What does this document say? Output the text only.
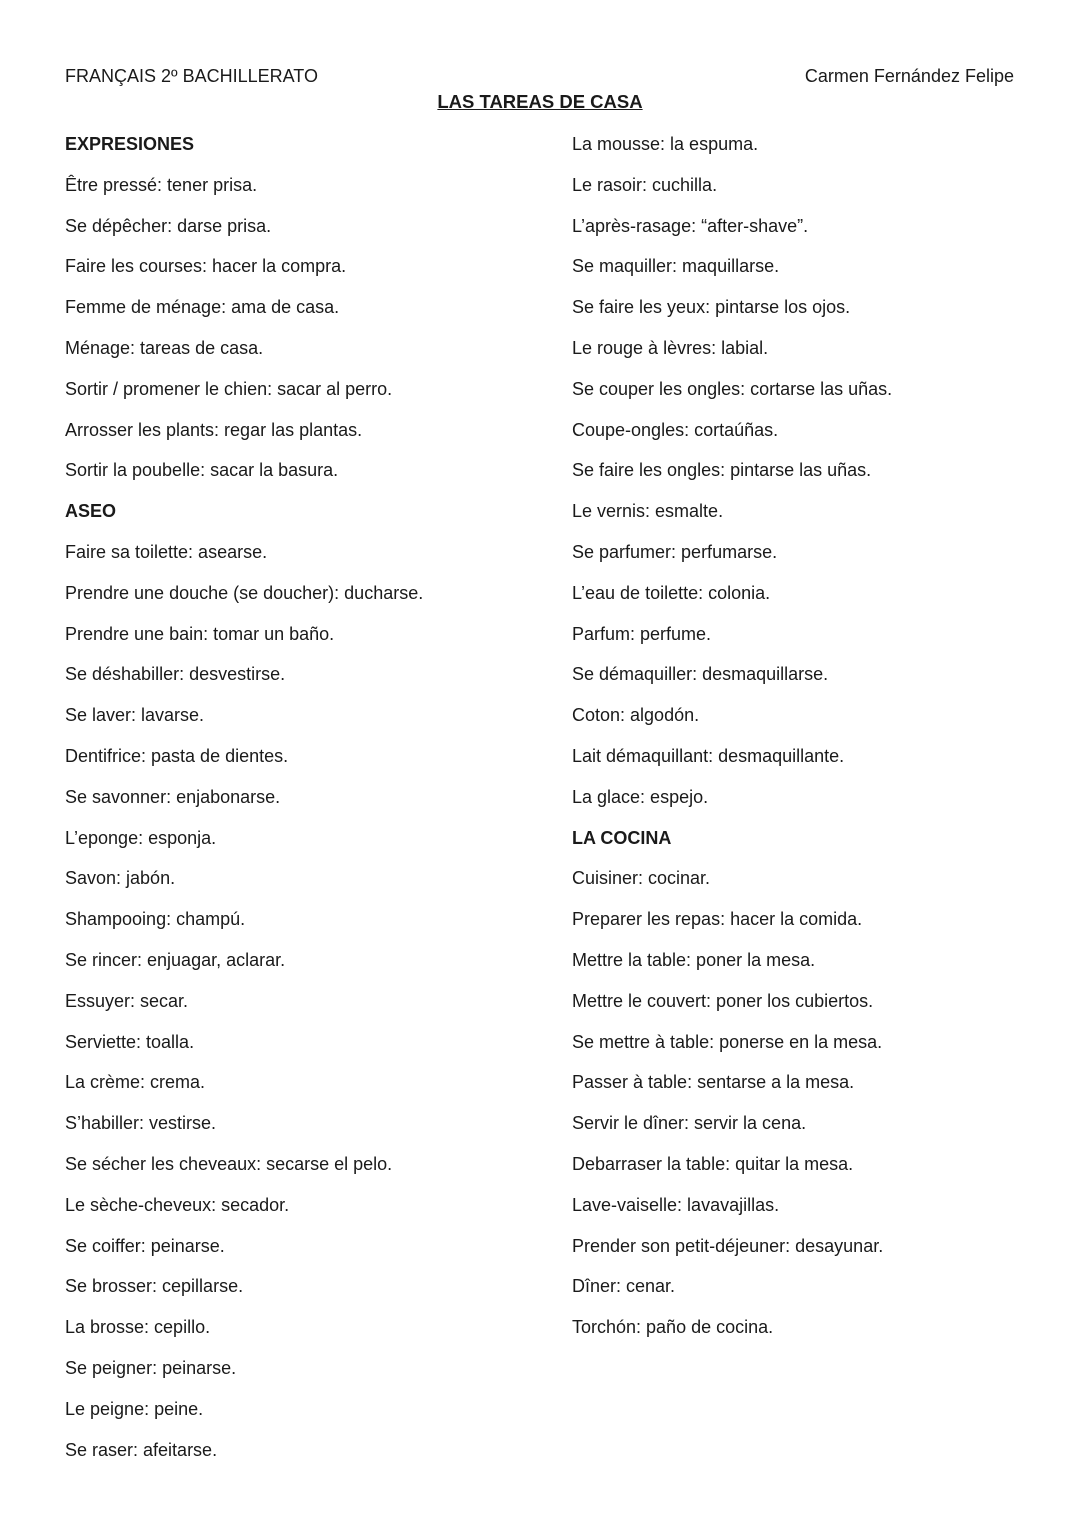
FRANÇAIS 2º BACHILLERATO	Carmen Fernández Felipe
LAS TAREAS DE CASA
EXPRESIONES
Être pressé: tener prisa.
Se dépêcher: darse prisa.
Faire les courses: hacer la compra.
Femme de ménage: ama de casa.
Ménage: tareas de casa.
Sortir / promener le chien: sacar al perro.
Arrosser les plants: regar las plantas.
Sortir la poubelle: sacar la basura.
ASEO
Faire sa toilette: asearse.
Prendre une douche (se doucher): ducharse.
Prendre une bain: tomar un baño.
Se déshabiller: desvestirse.
Se laver: lavarse.
Dentifrice: pasta de dientes.
Se savonner: enjabonarse.
L’eponge: esponja.
Savon: jabón.
Shampooing: champú.
Se rincer: enjuagar, aclarar.
Essuyer: secar.
Serviette: toalla.
La crème: crema.
S’habiller: vestirse.
Se sécher les cheveaux: secarse el pelo.
Le sèche-cheveux: secador.
Se coiffer: peinarse.
Se brosser: cepillarse.
La brosse: cepillo.
Se peigner: peinarse.
Le peigne: peine.
Se raser: afeitarse.
La mousse: la espuma.
Le rasoir: cuchilla.
L’après-rasage: “after-shave”.
Se maquiller: maquillarse.
Se faire les yeux: pintarse los ojos.
Le rouge à lèvres: labial.
Se couper les ongles: cortarse las uñas.
Coupe-ongles: cortaúñas.
Se faire les ongles: pintarse las uñas.
Le vernis: esmalte.
Se parfumer: perfumarse.
L’eau de toilette: colonia.
Parfum: perfume.
Se démaquiller: desmaquillarse.
Coton: algodón.
Lait démaquillant: desmaquillante.
La glace: espejo.
LA COCINA
Cuisiner: cocinar.
Preparer les repas: hacer la comida.
Mettre la table: poner la mesa.
Mettre le couvert: poner los cubiertos.
Se mettre à table: ponerse en la mesa.
Passer à table: sentarse a la mesa.
Servir le dîner: servir la cena.
Debarraser la table: quitar la mesa.
Lave-vaiselle: lavavajillas.
Prender son petit-déjeuner: desayunar.
Dîner: cenar.
Torchón: paño de cocina.
